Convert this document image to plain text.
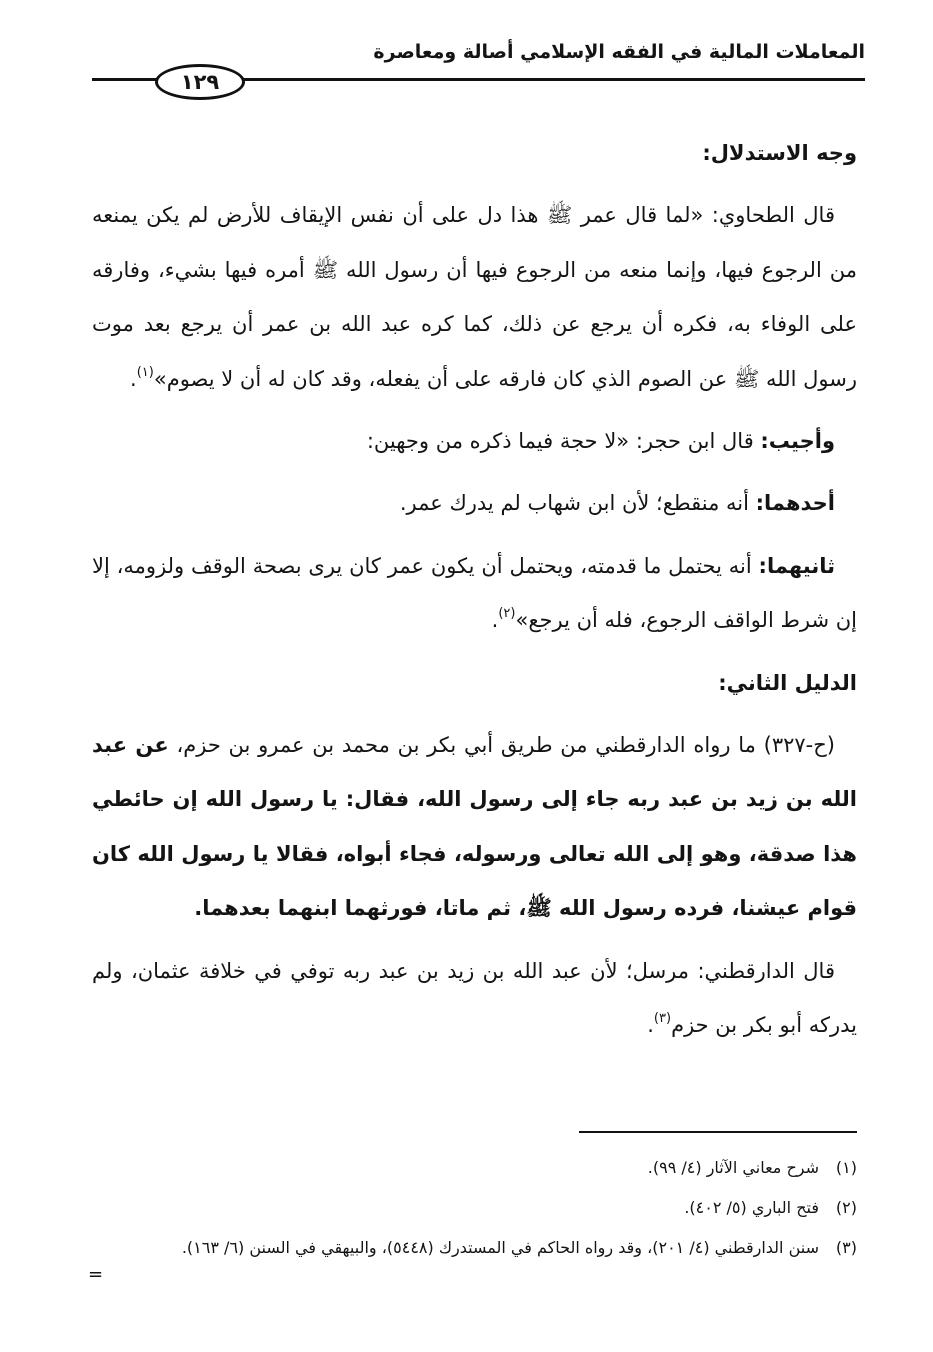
المعاملات المالية في الفقه الإسلامي أصالة ومعاصرة
١٢٩

وجه الاستدلال:

قال الطحاوي: «لما قال عمر ﷺ هذا دل على أن نفس الإيقاف للأرض لم يكن يمنعه من الرجوع فيها، وإنما منعه من الرجوع فيها أن رسول الله ﷺ أمره فيها بشيء، وفارقه على الوفاء به، فكره أن يرجع عن ذلك، كما كره عبد الله بن عمر أن يرجع بعد موت رسول الله ﷺ عن الصوم الذي كان فارقه على أن يفعله، وقد كان له أن لا يصوم»$^{(١)}$.

وأجيب: قال ابن حجر: «لا حجة فيما ذكره من وجهين:

أحدهما: أنه منقطع؛ لأن ابن شهاب لم يدرك عمر.

ثانيهما: أنه يحتمل ما قدمته، ويحتمل أن يكون عمر كان يرى بصحة الوقف ولزومه، إلا إن شرط الواقف الرجوع، فله أن يرجع»$^{(٢)}$.

الدليل الثاني:

(ح-٣٢٧) ما رواه الدارقطني من طريق أبي بكر بن محمد بن عمرو بن حزم، عن عبد الله بن زيد بن عبد ربه جاء إلى رسول الله، فقال: يا رسول الله إن حائطي هذا صدقة، وهو إلى الله تعالى ورسوله، فجاء أبواه، فقالا يا رسول الله كان قوام عيشنا، فرده رسول الله ﷺ، ثم ماتا، فورثهما ابنهما بعدهما.

قال الدارقطني: مرسل؛ لأن عبد الله بن زيد بن عبد ربه توفي في خلافة عثمان، ولم يدركه أبو بكر بن حزم$^{(٣)}$.

(١)
شرح معاني الآثار (٤/ ٩٩).
(٢)
فتح الباري (٥/ ٤٠٢).
(٣)
سنن الدارقطني (٤/ ٢٠١)، وقد رواه الحاكم في المستدرك (٥٤٤٨)، والبيهقي في السنن (٦/ ١٦٣).
=
